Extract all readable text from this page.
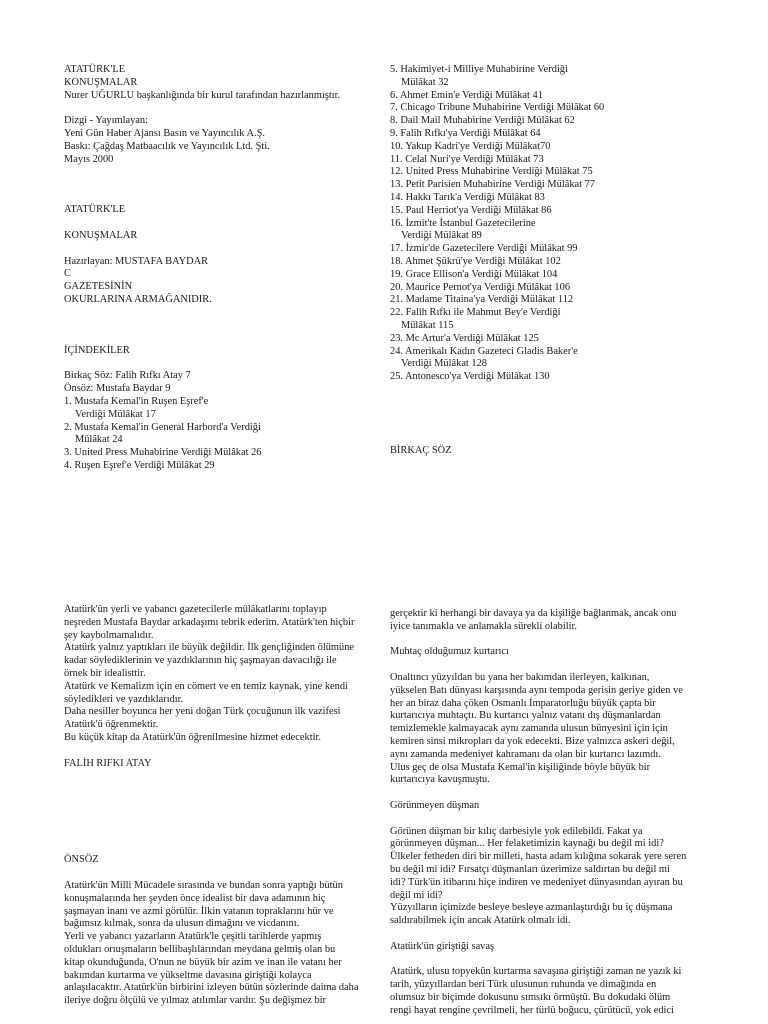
ATATÜRK'LE

KONUŞMALAR

Nurer UĞURLU başkanlığında bir kurul tarafından hazırlanmıştır.

Dizgi - Yayımlayan:

Yeni Gün Haber Ajansı Basın ve Yayıncılık A.Ş.

Baskı: Çağdaş Matbaacılık ve Yayıncılık Ltd. Şti.

Mayıs 2000

ATATÜRK'LE

KONUŞMALAR

Hazırlayan: MUSTAFA BAYDAR

C

GAZETESİNİN

OKURLARINA ARMAĞANIDIR.

İÇİNDEKİLER

Birkaç Söz: Falih Rıfkı Atay 7

Önsöz: Mustafa Baydar 9

1. Mustafa Kemal'in Ruşen Eşref'e

Verdiği Mülâkat 17

2. Mustafa Kemal'in General Harbord'a Verdiği

Mülâkat 24

3. United Press Muhabirine Verdiği Mülâkat 26

4. Ruşen Eşref'e Verdiği Mülâkat 29

5. Hakimiyet-i Milliye Muhabirine Verdiği

Mülâkat 32

6. Ahmet Emin'e Verdiği Mülâkat 41

7. Chicago Tribune Muhabirine Verdiği Mülâkat 60

8. Dail Mail Muhabirine Verdiği Mülâkat 62

9. Falih Rıfkı'ya Verdiği Mülâkat 64

10. Yakup Kadri'ye Verdiği Mülâkat70

11. Celal Nuri'ye Verdiği Mülâkat 73

12. United Press Muhabirine Verdiği Mülâkat 75

13. Petit Parisien Muhabirine Verdiği Mülâkat 77

14. Hakkı Tarık'a Verdiği Mülâkat 83

15. Paul Herriot'ya Verdiği Mülâkat 86

16. İzmit'te İstanbul Gazetecilerine

Verdiği Mülâkat 89

17. İzmir'de Gazetecilere Verdiği Mülâkat 99

18. Ahmet Şükrü'ye Verdiği Mülâkat 102

19. Grace Ellison'a Verdiği Mülâkat 104

20. Maurice Pernot'ya Verdiği Mülâkat 106

21. Madame Titaina'ya Verdiği Mülâkat 112

22. Falih Rıfkı ile Mahmut Bey'e Verdiği

Mülâkat 115

23. Mc Artur'a Verdiği Mülâkat 125

24. Amerikalı Kadın Gazeteci Gladis Baker'e

Verdiği Mülâkat 128

25. Antonesco'ya Verdiği Mülâkat 130

BİRKAÇ SÖZ

Atatürk'ün yerli ve yabancı gazetecilerle mülâkatlarını toplayıp

neşreden Mustafa Baydar arkadaşımı tebrik ederim. Atatürk'ten hiçbir

şey kaybolmamalıdır.

Atatürk yalnız yaptıkları ile büyük değildir. İlk gençliğinden ölümüne

kadar söylediklerinin ve yazdıklarının hiç şaşmayan davacılığı ile

örnek bir idealisttir.

Atatürk ve Kemalizm için en cömert ve en temiz kaynak, yine kendi

söyledikleri ve yazdıklarıdır.

Daha nesiller boyunca her yeni doğan Türk çocuğunun ilk vazifesi

Atatürk'ü öğrenmektir.

Bu küçük kitap da Atatürk'ün öğrenilmesine hizmet edecektir.

FALİH RIFKI ATAY

ÖNSÖZ

Atatürk'ün Milli Mücadele sırasında ve bundan sonra yaptığı bütün

konuşmalarında her şeyden önce idealist bir dava adamının hiç

şaşmayan inanı ve azmi görülür. İlkin vatanın topraklarını hür ve

bağımsız kılmak, sonra da ulusun dimağını ve vicdanını.

Yerli ve yabancı yazarların Atatürk'le çeşitli tarihlerde yapmış

oldukları orıuşmaların bellibaşlılarından meydana gelmiş olan bu

kitap okunduğunda, O'nun ne büyük bir azim ve inan ile vatanı her

bakımdan kurtarma ve yükseltme davasına giriştiği kolayca

anlaşılacaktır. Atatürk'ün birbirini izleyen bütün sözlerinde daima daha

ileriye doğru ölçülü ve yılmaz atılımlar vardır. Şu değişmez bir

gerçektir ki herhangi bir davaya ya da kişiliğe bağlanmak, ancak onu

iyice tanımakla ve anlamakla sürekli olabilir.

Muhtaç olduğumuz kurtarıcı

Onaltıncı yüzyıldan bu yana her bakımdan ilerleyen, kalkınan,

yükselen Batı dünyası karşısında aynı tempoda gerisin geriye giden ve

her an biraz daha çöken Osmanlı İmparatorluğu büyük çapta bir

kurtarıcıya muhtaçtı. Bu kurtarıcı yalnız vatanı dış düşmanlardan

temizlemekle kalmayacak aynı zamanda ulusun bünyesini için için

kemiren sinsi mikropları da yok edecekti. Bize yalnızca askeri değil,

aynı zamanda medeniyet kahramanı da olan bir kurtarıcı lazımdı.

Ulus geç de olsa Mustafa Kemal'in kişiliğinde böyle büyük bir

kurtarıcıya kavuşmuştu.

Görünmeyen düşman

Görünen düşman bir kılıç darbesiyle yok edilebildi. Fakat ya

görünmeyen düşman... Her felaketimizin kaynağı bu değil mi idi?

Ülkeler fetheden diri bir milleti, hasta adam kılığına sokarak yere seren

bu değil mi idi? Fırsatçı düşmanları üzerimize saldırtan bu değil mi

idi? Türk'ün itibarını hiçe indiren ve medeniyet dünyasından ayıran bu

değil mi idi?

Yüzyılların içimizde besleye besleye azmanlaştırdığı bu iç düşmana

saldırabilmek için ancak Atatürk olmalı idi.

Atatürk'ün giriştiği savaş

Atatürk, ulusu topyekûn kurtarma savaşına giriştiği zaman ne yazık ki

tarih, yüzyıllardan beri Türk ulusunun ruhunda ve dimağında en

olumsuz bir biçimde dokusunu sımsıkı örmüştü. Bu dokudaki ölüm

rengi hayat rengine çevrilmeli, her türlü boğucu, çürütücü, yok edici
